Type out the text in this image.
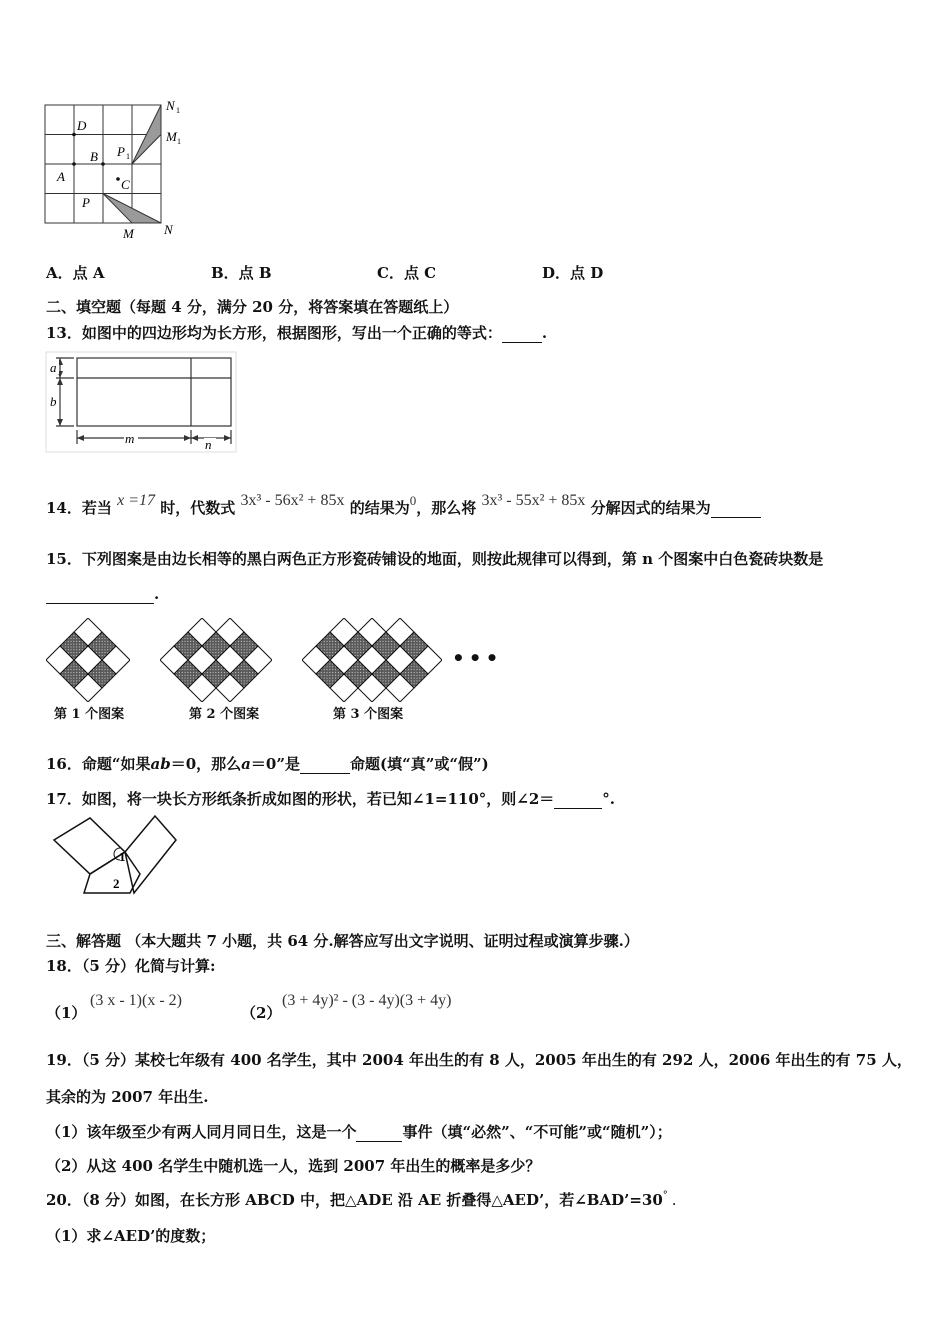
D
B
A
C
P
P 1
M
M 1
N
N 1
A．点 A	B．点 B	C．点 C	D．点 D
二、填空题（每题 4 分，满分 20 分，将答案填在答题纸上）
13．如图中的四边形均为长方形，根据图形，写出一个正确的等式：	.
a
b
m	n
14．若当 x =17 时，代数式 3x³ - 56x² + 85x 的结果为0，那么将 3x³ - 55x² + 85x 分解因式的结果为
15．下列图案是由边长相等的黑白两色正方形瓷砖铺设的地面，则按此规律可以得到，第 n 个图案中白色瓷砖块数是
.
•••
第 1 个图案	第 2 个图案	第 3 个图案
16．命题“如果ab＝0，那么a＝0”是	命题(填“真”或“假”)
17．如图，将一块长方形纸条折成如图的形状，若已知∠1=110°，则∠2＝	°.
1
2
三、解答题 （本大题共 7 小题，共 64 分.解答应写出文字说明、证明过程或演算步骤.）
18．（5 分）化简与计算:
（1）
(3 x - 1)(x - 2)
（2）
(3 + 4y)² - (3 - 4y)(3 + 4y)
19．（5 分）某校七年级有 400 名学生，其中 2004 年出生的有 8 人，2005 年出生的有 292 人，2006 年出生的有 75 人，
其余的为 2007 年出生.
（1）该年级至少有两人同月同日生，这是一个	事件（填“必然”、“不可能”或“随机”）；
（2）从这 400 名学生中随机选一人，选到 2007 年出生的概率是多少？
20．（8 分）如图，在长方形 ABCD 中，把△ADE 沿 AE 折叠得△AED’，若∠BAD’=30° .
（1）求∠AED’的度数；
